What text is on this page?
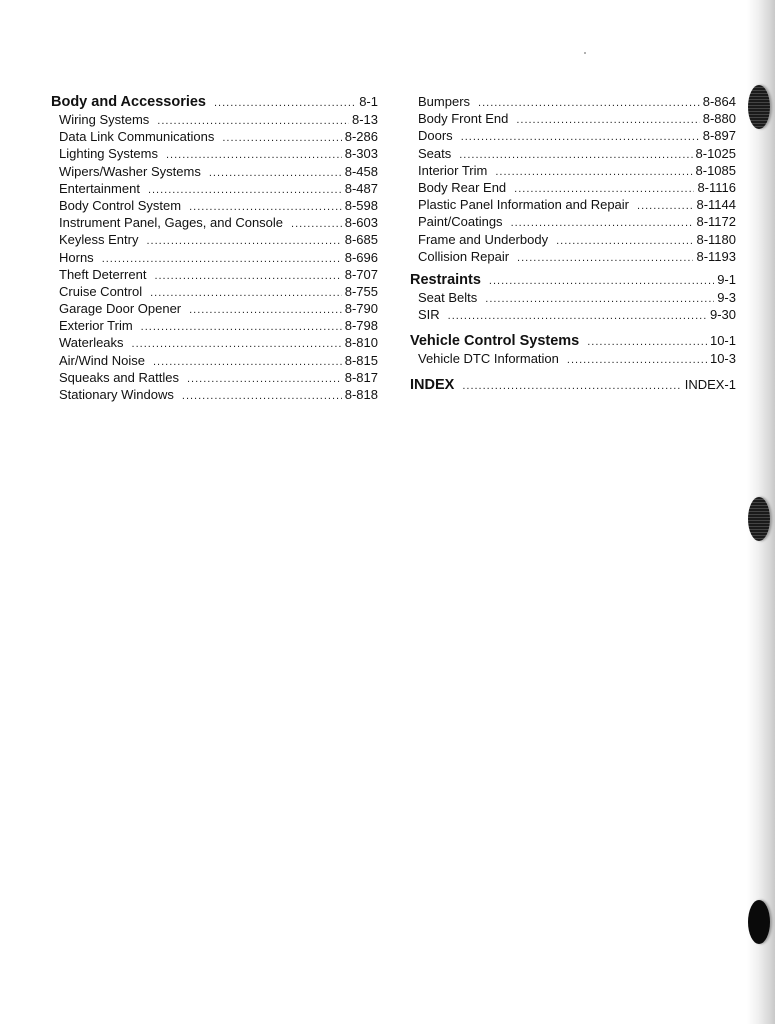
Body and Accessories .....	8-1
Wiring Systems .....	8-13
Data Link Communications .....	8-286
Lighting Systems .....	8-303
Wipers/Washer Systems .....	8-458
Entertainment .....	8-487
Body Control System .....	8-598
Instrument Panel, Gages, and Console .....	8-603
Keyless Entry .....	8-685
Horns .....	8-696
Theft Deterrent .....	8-707
Cruise Control .....	8-755
Garage Door Opener .....	8-790
Exterior Trim .....	8-798
Waterleaks .....	8-810
Air/Wind Noise .....	8-815
Squeaks and Rattles .....	8-817
Stationary Windows .....	8-818
Bumpers .....	8-864
Body Front End .....	8-880
Doors .....	8-897
Seats .....	8-1025
Interior Trim .....	8-1085
Body Rear End .....	8-1116
Plastic Panel Information and Repair .....	8-1144
Paint/Coatings .....	8-1172
Frame and Underbody .....	8-1180
Collision Repair .....	8-1193
Restraints .....	9-1
Seat Belts .....	9-3
SIR .....	9-30
Vehicle Control Systems .....	10-1
Vehicle DTC Information .....	10-3
INDEX .....	INDEX-1
